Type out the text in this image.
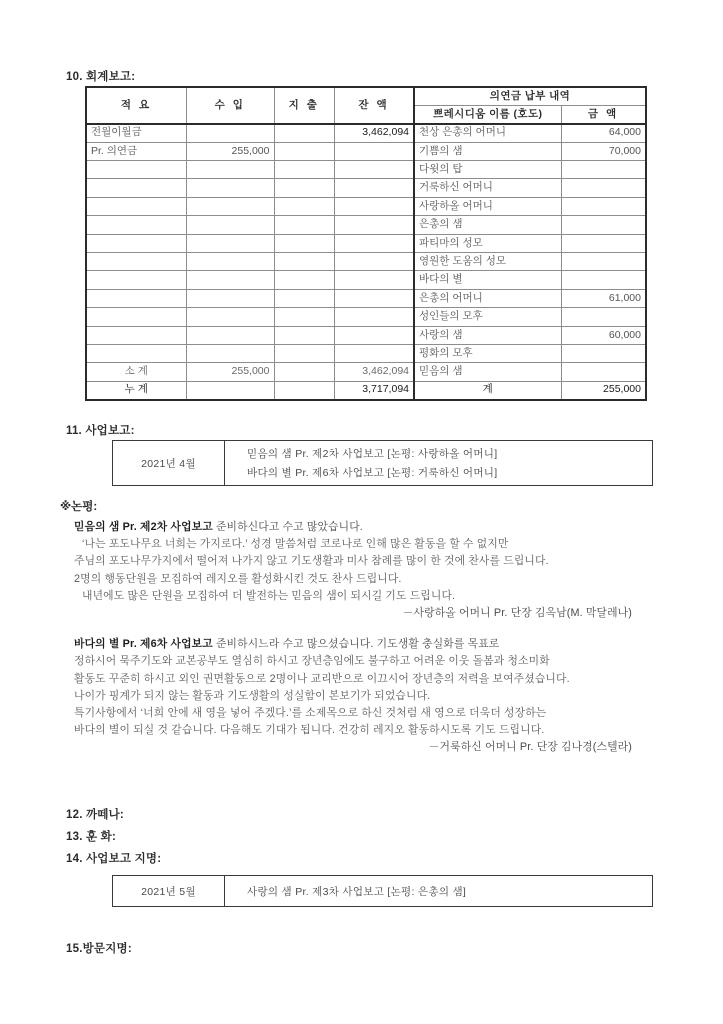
10. 회계보고:
적 요	수 입	지 출	잔 액	의연금 납부 내역	
				쁘레시디움 이름 (호도)	금 액
전월이월금			3,462,094	천상 은총의 어머니	64,000
Pr. 의연금	255,000			기쁨의 샘	70,000
				다윗의 탑	
				거룩하신 어머니	
				사랑하올 어머니	
				은총의 샘	
				파티마의 성모	
				영원한 도움의 성모	
				바다의 별	
				은총의 어머니	61,000
				성인들의 모후	
				사랑의 샘	60,000
				평화의 모후	
소 계	255,000		3,462,094	믿음의 샘	
누 계			3,717,094	계	255,000
11. 사업보고:
2021년 4월
믿음의 샘 Pr. 제2차 사업보고 [논평: 사랑하올 어머니]
바다의 별 Pr. 제6차 사업보고 [논평: 거룩하신 어머니]
※논평:
믿음의 샘 Pr. 제2차 사업보고 준비하신다고 수고 많았습니다.
‘나는 포도나무요 너희는 가지로다.’ 성경 말씀처럼 코로나로 인해 많은 활동을 할 수 없지만
주님의 포도나무가지에서 떨어져 나가지 않고 기도생활과 미사 참례를 많이 한 것에 찬사를 드립니다.
2명의 행동단원을 모집하여 레지오를 활성화시킨 것도 찬사 드립니다.
내년에도 많은 단원을 모집하여 더 발전하는 믿음의 샘이 되시길 기도 드립니다.
－사랑하올 어머니 Pr. 단장 김옥남(M. 막달레나)
바다의 별 Pr. 제6차 사업보고 준비하시느라 수고 많으셨습니다. 기도생활 충실화를 목표로
정하시어 묵주기도와 교본공부도 열심히 하시고 장년층임에도 불구하고 어려운 이웃 돌봄과 청소미화
활동도 꾸준히 하시고 외인 권면활동으로 2명이나 교리반으로 이끄시어 장년층의 저력을 보여주셨습니다.
나이가 핑계가 되지 않는 활동과 기도생활의 성실함이 본보기가 되었습니다.
특기사항에서 ‘너희 안에 새 영을 넣어 주겠다.’를 소제목으로 하신 것처럼 새 영으로 더욱더 성장하는
바다의 별이 되실 것 같습니다. 다음해도 기대가 됩니다. 건강히 레지오 활동하시도록 기도 드립니다.
－거룩하신 어머니 Pr. 단장 김나경(스텔라)
12. 까떼나:
13. 훈 화:
14. 사업보고 지명:
2021년 5월	사랑의 샘 Pr. 제3차 사업보고 [논평: 은총의 샘]
15.방문지명:
